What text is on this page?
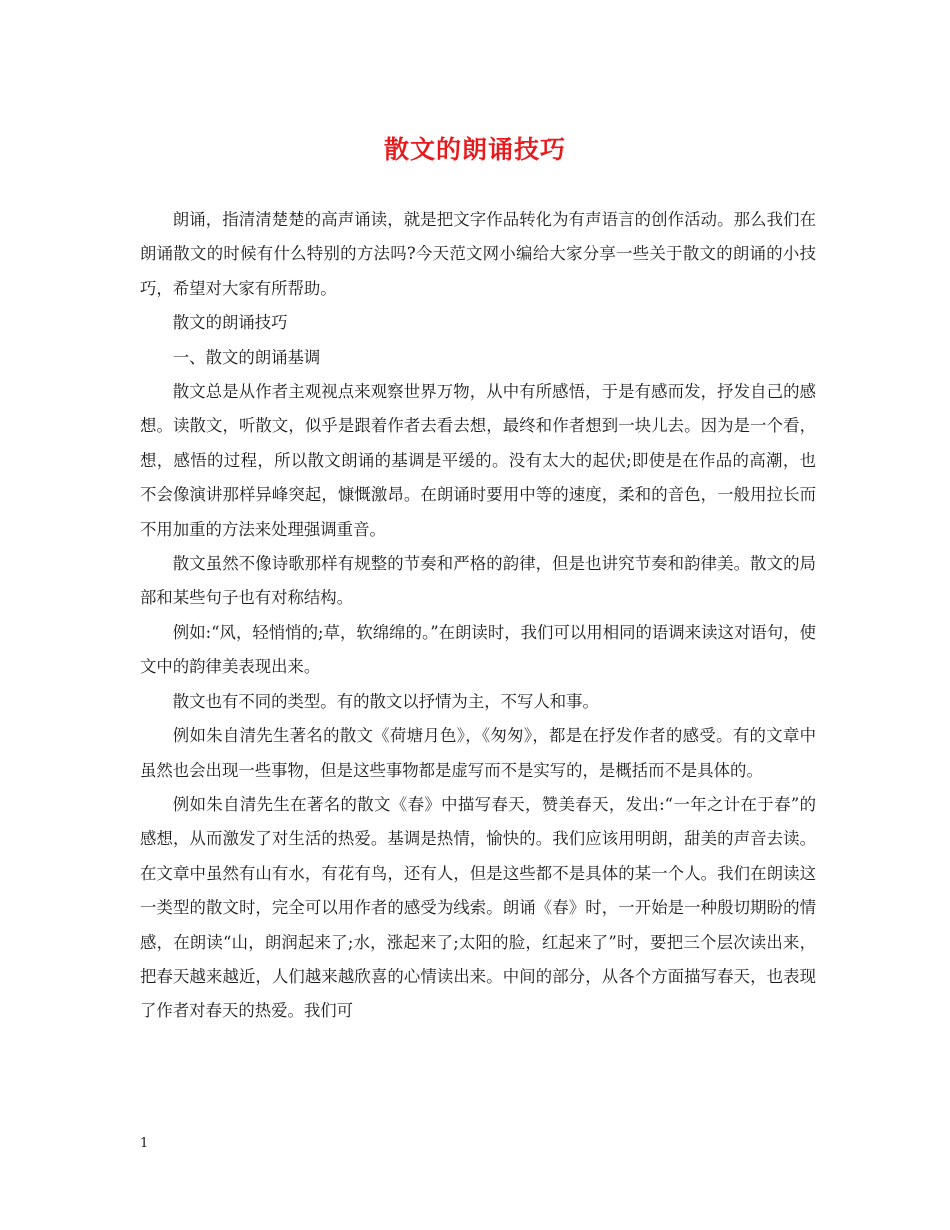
散文的朗诵技巧

朗诵，指清清楚楚的高声诵读，就是把文字作品转化为有声语言的创作活动。那么我们在朗诵散文的时候有什么特别的方法吗?今天范文网小编给大家分享一些关于散文的朗诵的小技巧，希望对大家有所帮助。

散文的朗诵技巧

一、散文的朗诵基调

散文总是从作者主观视点来观察世界万物，从中有所感悟，于是有感而发，抒发自己的感想。读散文，听散文，似乎是跟着作者去看去想，最终和作者想到一块儿去。因为是一个看，想，感悟的过程，所以散文朗诵的基调是平缓的。没有太大的起伏;即使是在作品的高潮，也不会像演讲那样异峰突起，慷慨激昂。在朗诵时要用中等的速度，柔和的音色，一般用拉长而不用加重的方法来处理强调重音。

散文虽然不像诗歌那样有规整的节奏和严格的韵律，但是也讲究节奏和韵律美。散文的局部和某些句子也有对称结构。

例如:“风，轻悄悄的;草，软绵绵的。”在朗读时，我们可以用相同的语调来读这对语句，使文中的韵律美表现出来。

散文也有不同的类型。有的散文以抒情为主，不写人和事。

例如朱自清先生著名的散文《荷塘月色》，《匆匆》，都是在抒发作者的感受。有的文章中虽然也会出现一些事物，但是这些事物都是虚写而不是实写的，是概括而不是具体的。

例如朱自清先生在著名的散文《春》中描写春天，赞美春天，发出:“一年之计在于春”的感想，从而激发了对生活的热爱。基调是热情，愉快的。我们应该用明朗，甜美的声音去读。在文章中虽然有山有水，有花有鸟，还有人，但是这些都不是具体的某一个人。我们在朗读这一类型的散文时，完全可以用作者的感受为线索。朗诵《春》时，一开始是一种殷切期盼的情感，在朗读“山，朗润起来了;水，涨起来了;太阳的脸，红起来了”时，要把三个层次读出来，把春天越来越近，人们越来越欣喜的心情读出来。中间的部分，从各个方面描写春天，也表现了作者对春天的热爱。我们可

1
